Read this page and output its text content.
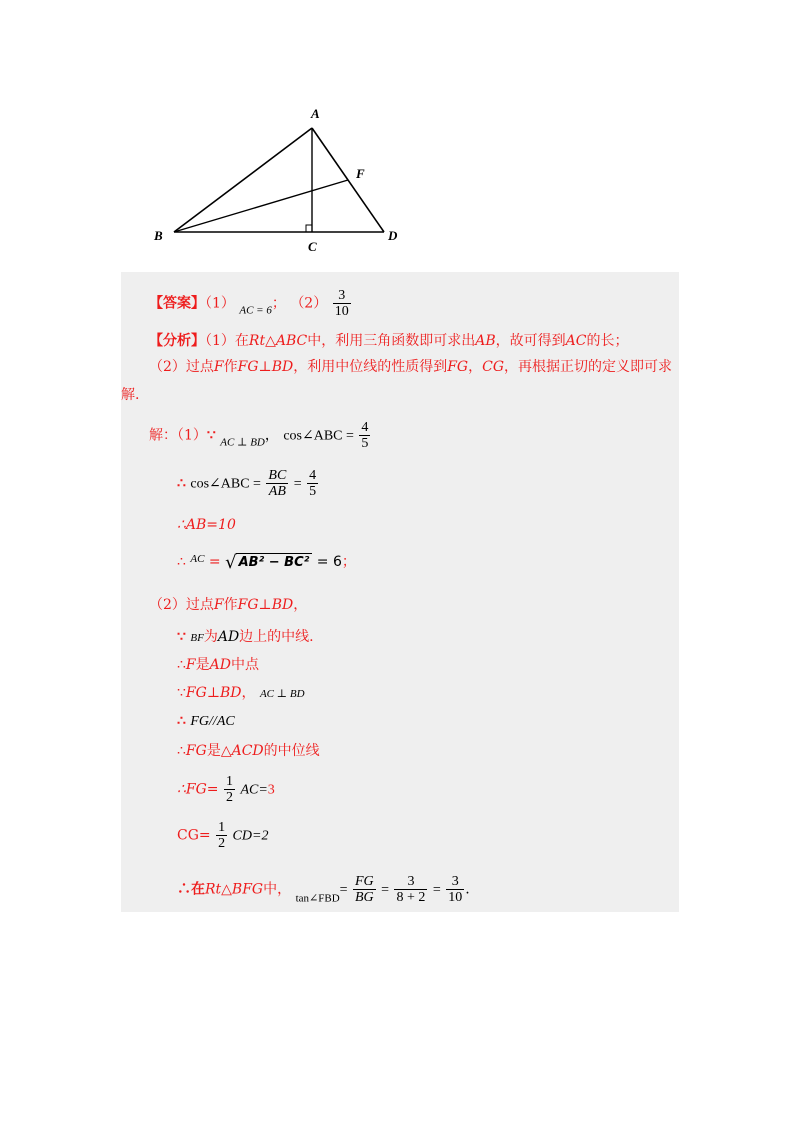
A
B
C
D
F
【答案】（1） $_{AC = 6}$； $(2) \frac{3}{10}$
【分析】（1）在Rt△ABC中，利用三角函数即可求出AB，故可得到AC的长；
（2）过点F作FG⊥BD，利用中位线的性质得到FG，CG，再根据正切的定义即可求
解.
解：（1）∵ $_{AC \perp BD}$， cos∠ABC = $\frac{4}{5}$
∴ cos∠ABC = $\frac{BC}{AB} = \frac{4}{5}$
∴AB=10
∴ $^{AC}$ = √ AB² − BC² = 6；
（2）过点F作FG⊥BD，
∵ BF为AD边上的中线.
∴F是AD中点
∵FG⊥BD， AC ⊥ BD
∴ FG//AC
∴FG是△ACD的中位线
∴FG= $\frac{1}{2} AC=3$
$CG= \frac{1}{2} CD=2$
∴在Rt△BFG中， $_{tan\angle FBD}= \frac{FG}{BG} = \frac{3}{8 + 2} = \frac{3}{10}$ .
